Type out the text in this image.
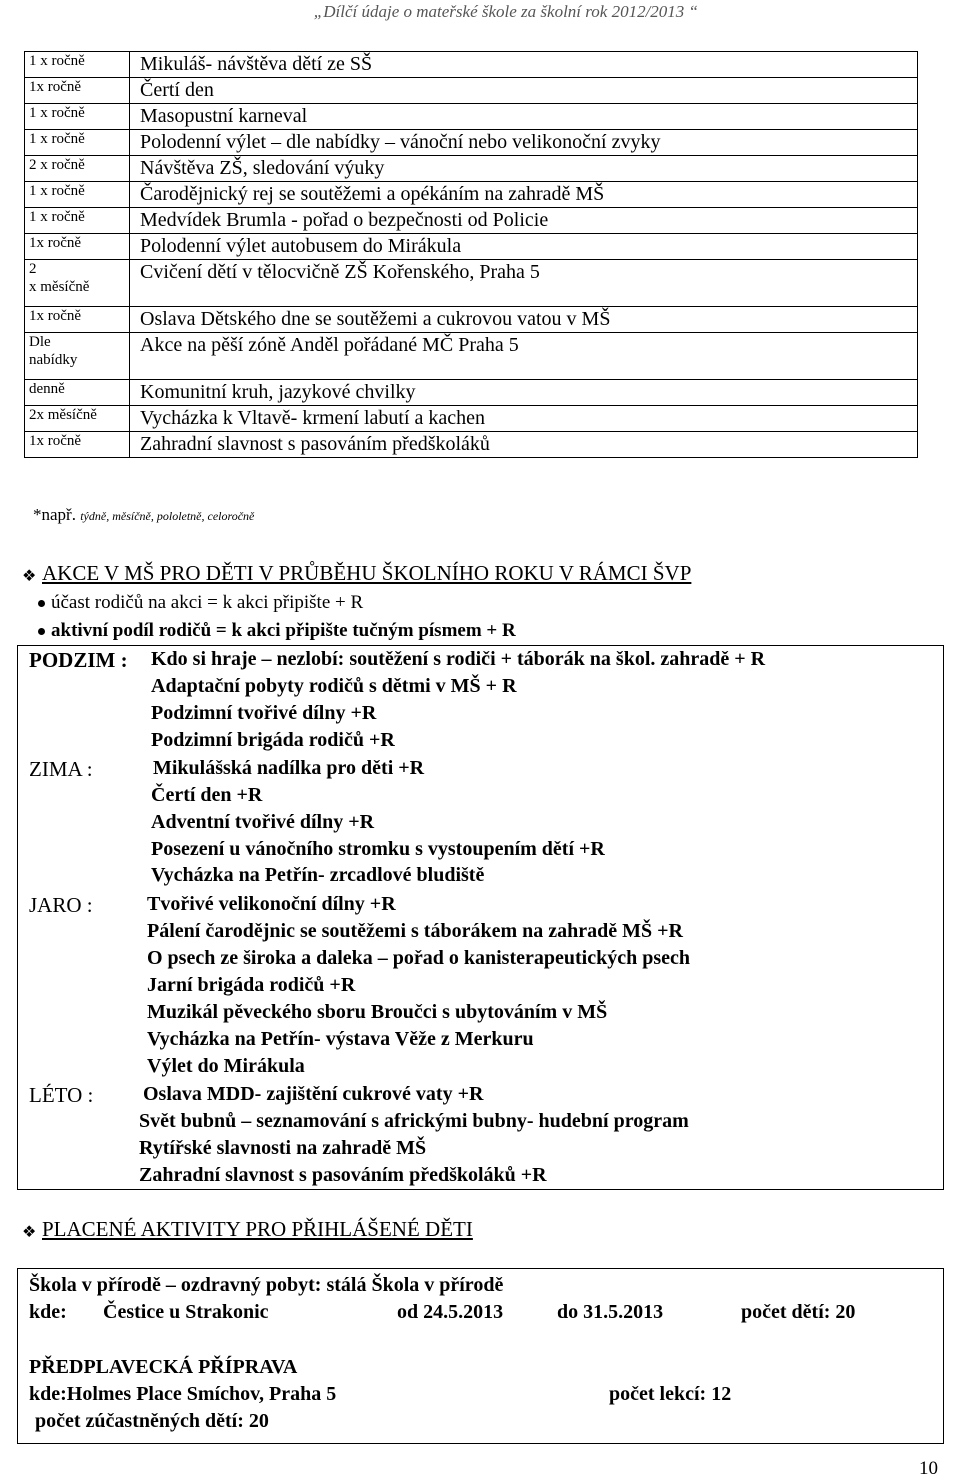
„Dílčí údaje o mateřské škole za školní rok 2012/2013 “
1 x ročně	Mikuláš- návštěva dětí ze SŠ
1x ročně	Čertí den
1 x ročně	Masopustní karneval
1 x ročně	Polodenní výlet – dle nabídky – vánoční nebo velikonoční zvyky
2 x ročně	Návštěva ZŠ, sledování výuky
1 x ročně	Čarodějnický rej se soutěžemi a opékáním na zahradě MŠ
1 x ročně	Medvídek Brumla - pořad o bezpečnosti od Policie
1x ročně	Polodenní výlet autobusem do Mirákula
2
x měsíčně	Cvičení dětí v tělocvičně ZŠ Kořenského, Praha 5
1x ročně	Oslava Dětského dne se soutěžemi a cukrovou vatou v MŠ
Dle
nabídky	Akce na pěší zóně Anděl pořádané MČ Praha 5
denně	Komunitní kruh, jazykové chvilky
2x měsíčně	Vycházka k Vltavě- krmení labutí a kachen
1x ročně	Zahradní slavnost s pasováním předškoláků
*např. týdně, měsíčně, pololetně, celoročně
❖ AKCE V MŠ PRO DĚTI V PRŮBĚHU ŠKOLNÍHO ROKU V RÁMCI ŠVP
účast rodičů na akci = k akci připište + R
aktivní podíl rodičů = k akci připište tučným písmem + R
PODZIM : Kdo si hraje – nezlobí: soutěžení s rodiči + táborák na škol. zahradě + R
Adaptační pobyty rodičů s dětmi v MŠ + R
Podzimní tvořivé dílny +R
Podzimní brigáda rodičů +R
ZIMA :	Mikulášská nadílka pro děti +R
Čertí den +R
Adventní tvořivé dílny +R
Posezení u vánočního stromku s vystoupením dětí +R
Vycházka na Petřín- zrcadlové bludiště
JARO :	Tvořivé velikonoční dílny +R
Pálení čarodějnic se soutěžemi s táborákem na zahradě MŠ +R
O psech ze široka a daleka – pořad o kanisterapeutických psech
Jarní brigáda rodičů +R
Muzikál pěveckého sboru Broučci s ubytováním v MŠ
Vycházka na Petřín- výstava Věže z Merkuru
Výlet do Mirákula
LÉTO : Oslava MDD- zajištění cukrové vaty +R
Svět bubnů – seznamování s africkými bubny- hudební program
Rytířské slavnosti na zahradě MŠ
Zahradní slavnost s pasováním předškoláků +R
❖ PLACENÉ AKTIVITY PRO PŘIHLÁŠENÉ DĚTI
Škola v přírodě – ozdravný pobyt: stálá Škola v přírodě
kde: Čestice u Strakonic	od 24.5.2013	do 31.5.2013	počet dětí: 20
PŘEDPLAVECKÁ PŘÍPRAVA
kde:Holmes Place Smíchov, Praha 5	počet lekcí: 12
počet zúčastněných dětí: 20
10
